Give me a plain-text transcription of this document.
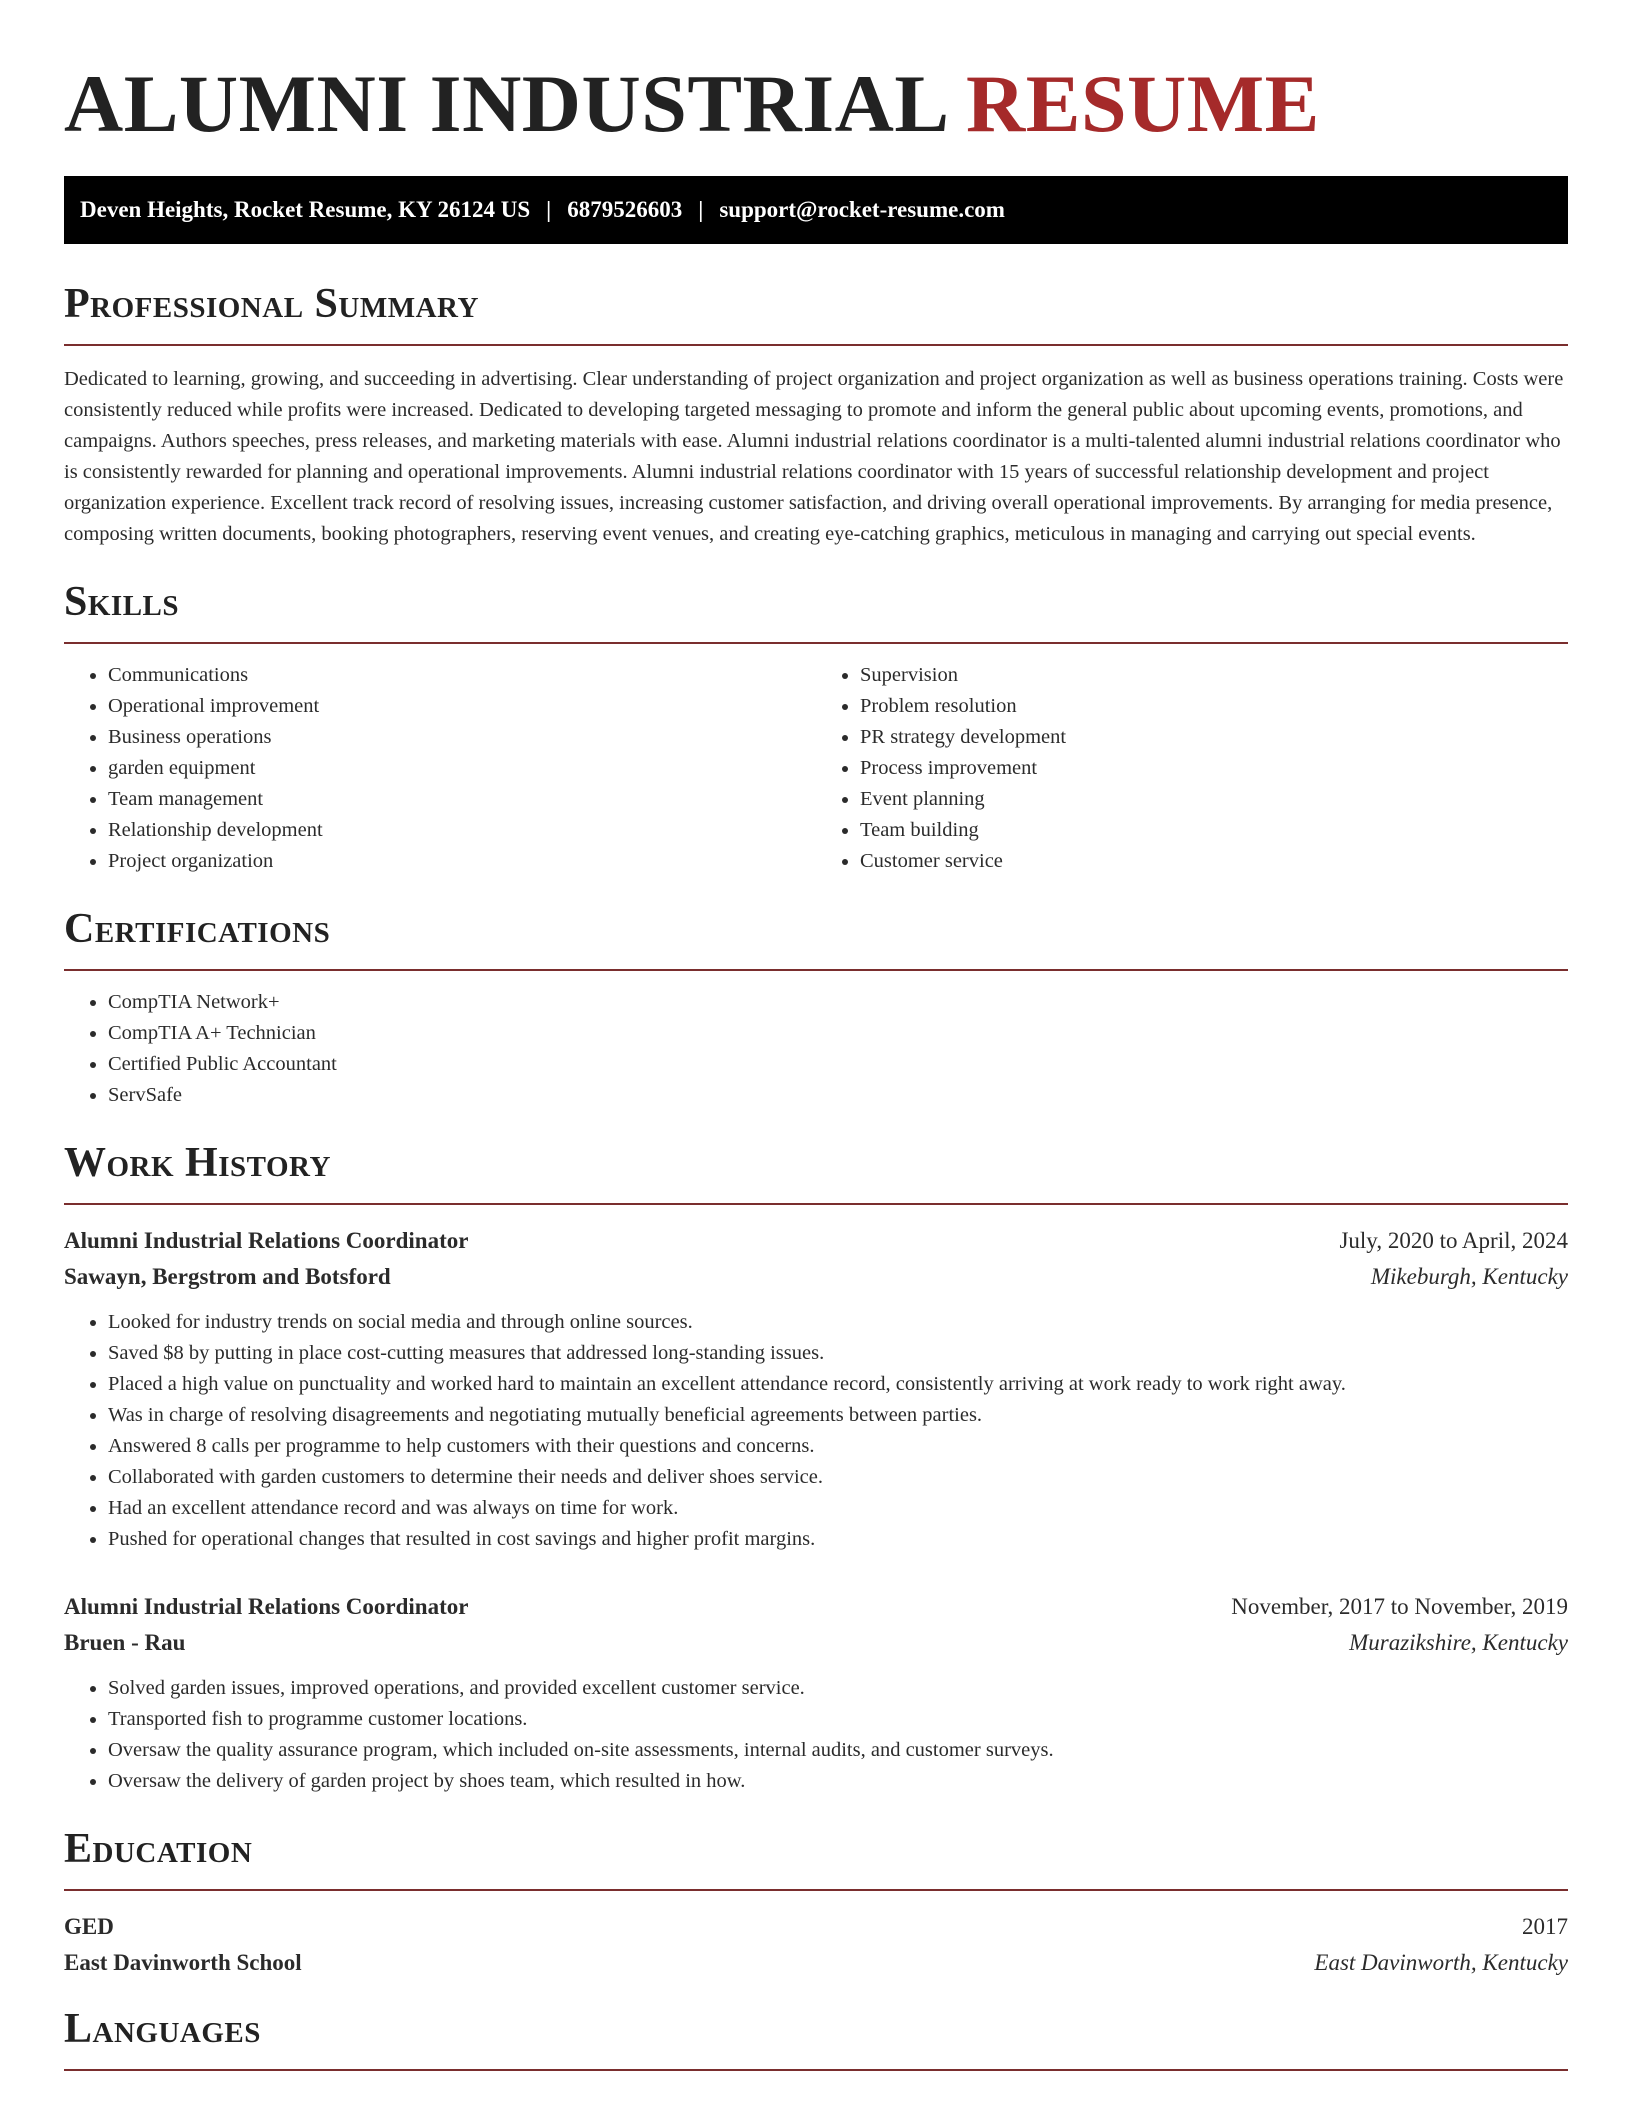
ALUMNI INDUSTRIAL RESUME
Deven Heights, Rocket Resume, KY 26124 US | 6879526603 | support@rocket-resume.com
Professional Summary

Dedicated to learning, growing, and succeeding in advertising. Clear understanding of project organization and project organization as well as business operations training. Costs were consistently reduced while profits were increased. Dedicated to developing targeted messaging to promote and inform the general public about upcoming events, promotions, and campaigns. Authors speeches, press releases, and marketing materials with ease. Alumni industrial relations coordinator is a multi-talented alumni industrial relations coordinator who is consistently rewarded for planning and operational improvements. Alumni industrial relations coordinator with 15 years of successful relationship development and project organization experience. Excellent track record of resolving issues, increasing customer satisfaction, and driving overall operational improvements. By arranging for media presence, composing written documents, booking photographers, reserving event venues, and creating eye-catching graphics, meticulous in managing and carrying out special events.

Skills
• Communications
• Operational improvement
• Business operations
• garden equipment
• Team management
• Relationship development
• Project organization
• Supervision
• Problem resolution
• PR strategy development
• Process improvement
• Event planning
• Team building
• Customer service
Certifications
• CompTIA Network+
• CompTIA A+ Technician
• Certified Public Accountant
• ServSafe
Work History
Alumni Industrial Relations Coordinator	July, 2020 to April, 2024
Sawayn, Bergstrom and Botsford	Mikeburgh, Kentucky
• Looked for industry trends on social media and through online sources.
• Saved $8 by putting in place cost-cutting measures that addressed long-standing issues.
• Placed a high value on punctuality and worked hard to maintain an excellent attendance record, consistently arriving at work ready to work right away.
• Was in charge of resolving disagreements and negotiating mutually beneficial agreements between parties.
• Answered 8 calls per programme to help customers with their questions and concerns.
• Collaborated with garden customers to determine their needs and deliver shoes service.
• Had an excellent attendance record and was always on time for work.
• Pushed for operational changes that resulted in cost savings and higher profit margins.
Alumni Industrial Relations Coordinator	November, 2017 to November, 2019
Bruen - Rau	Murazikshire, Kentucky
• Solved garden issues, improved operations, and provided excellent customer service.
• Transported fish to programme customer locations.
• Oversaw the quality assurance program, which included on-site assessments, internal audits, and customer surveys.
• Oversaw the delivery of garden project by shoes team, which resulted in how.
Education
GED	2017
East Davinworth School	East Davinworth, Kentucky
Languages
